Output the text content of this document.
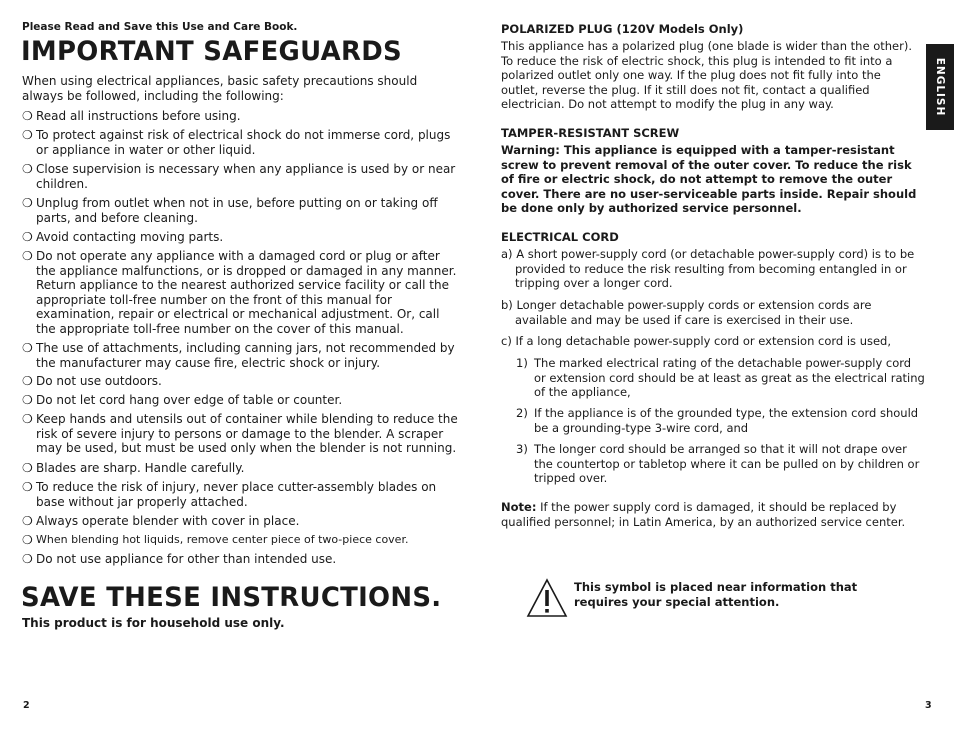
Please Read and Save this Use and Care Book.
IMPORTANT SAFEGUARDS
When using electrical appliances, basic safety precautions should always be followed, including the following:
❍ Read all instructions before using.
❍ To protect against risk of electrical shock do not immerse cord, plugs or appliance in water or other liquid.
❍ Close supervision is necessary when any appliance is used by or near children.
❍ Unplug from outlet when not in use, before putting on or taking off parts, and before cleaning.
❍ Avoid contacting moving parts.
❍ Do not operate any appliance with a damaged cord or plug or after the appliance malfunctions, or is dropped or damaged in any manner. Return appliance to the nearest authorized service facility or call the appropriate toll-free number on the front of this manual for examination, repair or electrical or mechanical adjustment. Or, call the appropriate toll-free number on the cover of this manual.
❍ The use of attachments, including canning jars, not recommended by the manufacturer may cause fire, electric shock or injury.
❍ Do not use outdoors.
❍ Do not let cord hang over edge of table or counter.
❍ Keep hands and utensils out of container while blending to reduce the risk of severe injury to persons or damage to the blender. A scraper may be used, but must be used only when the blender is not running.
❍ Blades are sharp. Handle carefully.
❍ To reduce the risk of injury, never place cutter-assembly blades on base without jar properly attached.
❍ Always operate blender with cover in place.
❍ When blending hot liquids, remove center piece of two-piece cover.
❍ Do not use appliance for other than intended use.
SAVE THESE INSTRUCTIONS.
This product is for household use only.
2
ENGLISH
POLARIZED PLUG (120V Models Only)
This appliance has a polarized plug (one blade is wider than the other). To reduce the risk of electric shock, this plug is intended to fit into a polarized outlet only one way. If the plug does not fit fully into the outlet, reverse the plug. If it still does not fit, contact a qualified electrician. Do not attempt to modify the plug in any way.
TAMPER-RESISTANT SCREW
Warning: This appliance is equipped with a tamper-resistant screw to prevent removal of the outer cover. To reduce the risk of fire or electric shock, do not attempt to remove the outer cover. There are no user-serviceable parts inside. Repair should be done only by authorized service personnel.
ELECTRICAL CORD
a) A short power-supply cord (or detachable power-supply cord) is to be provided to reduce the risk resulting from becoming entangled in or tripping over a longer cord.
b) Longer detachable power-supply cords or extension cords are available and may be used if care is exercised in their use.
c) If a long detachable power-supply cord or extension cord is used,
1) The marked electrical rating of the detachable power-supply cord or extension cord should be at least as great as the electrical rating of the appliance,
2) If the appliance is of the grounded type, the extension cord should be a grounding-type 3-wire cord, and
3) The longer cord should be arranged so that it will not drape over the countertop or tabletop where it can be pulled on by children or tripped over.
Note: If the power supply cord is damaged, it should be replaced by qualified personnel; in Latin America, by an authorized service center.
This symbol is placed near information that requires your special attention.
3
